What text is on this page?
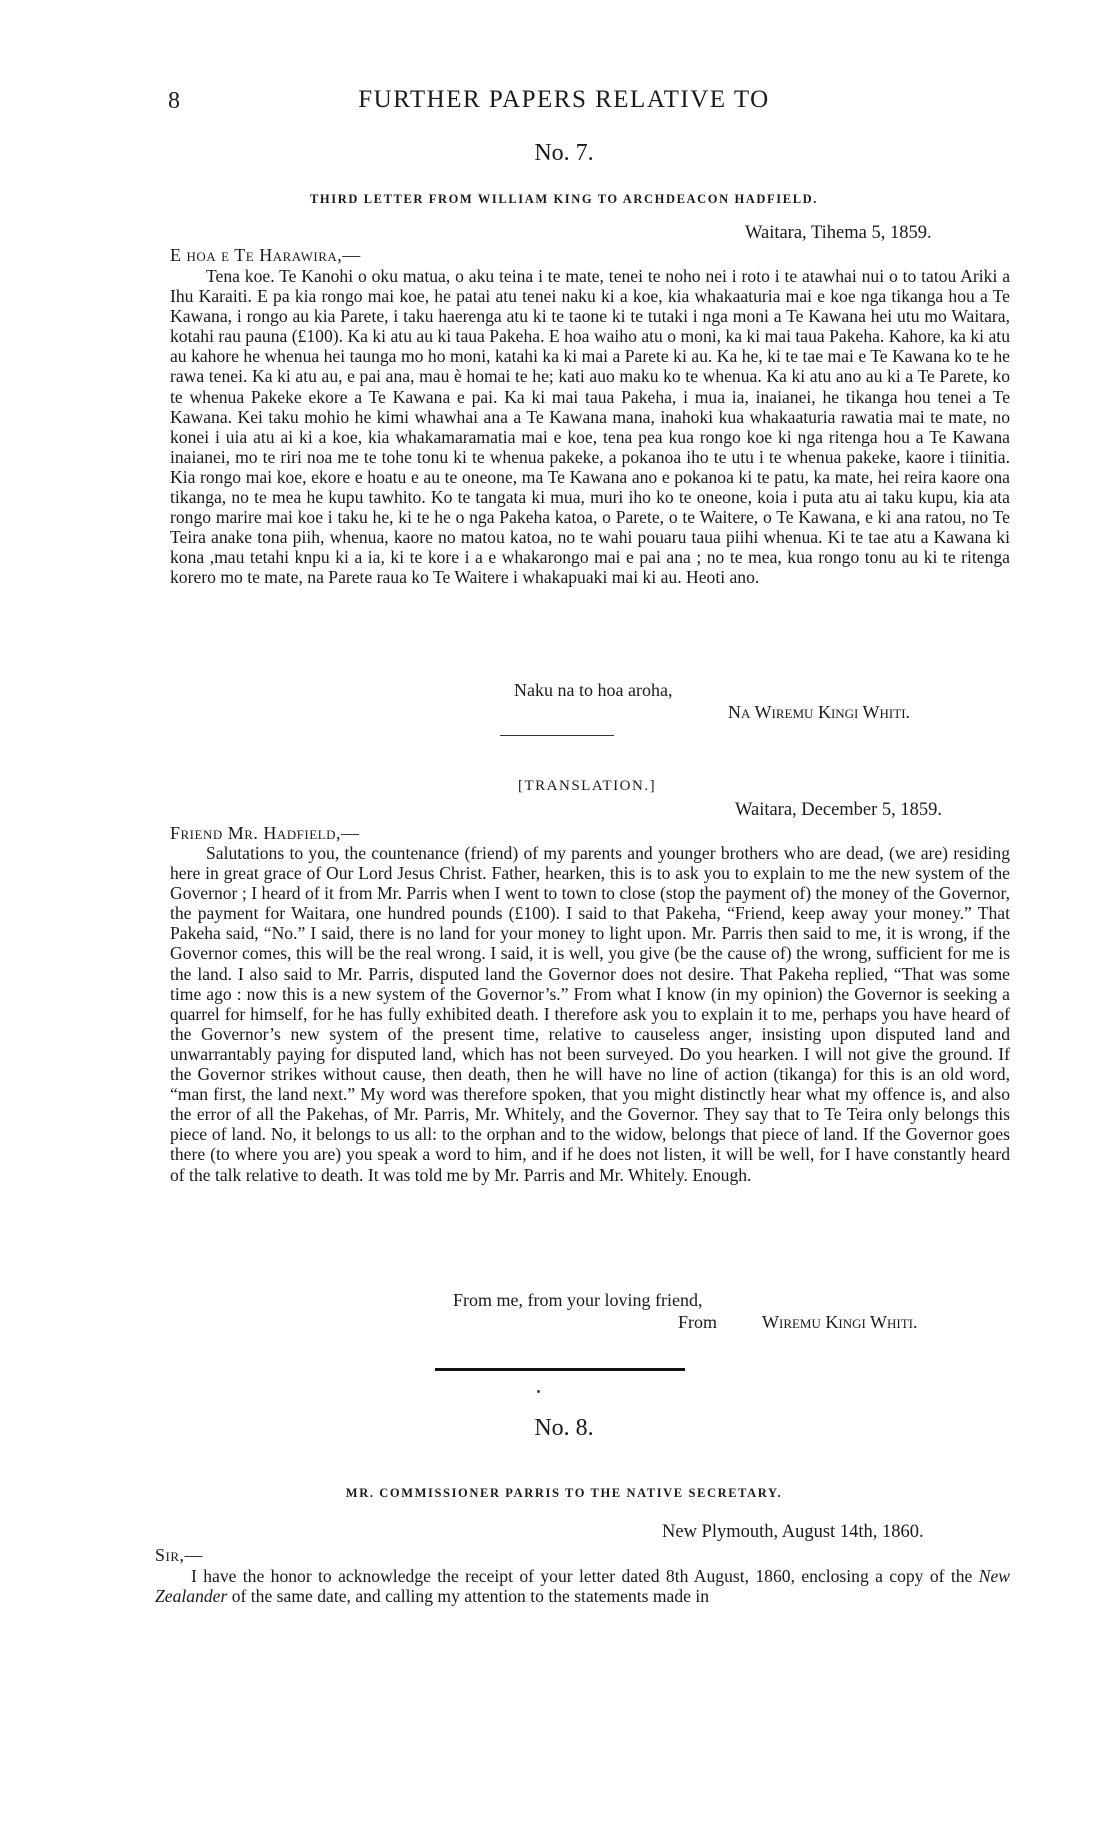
8	FURTHER PAPERS RELATIVE TO
No. 7.
THIRD LETTER FROM WILLIAM KING TO ARCHDEACON HADFIELD.
Waitara, Tihema 5, 1859.
E hoa e Te Harawira,—

Tena koe. Te Kanohi o oku matua, o aku teina i te mate, tenei te noho nei i roto i te atawhai nui o to tatou Ariki a Ihu Karaiti. E pa kia rongo mai koe, he patai atu tenei naku ki a koe, kia whakaaturia mai e koe nga tikanga hou a Te Kawana, i rongo au kia Parete, i taku haerenga atu ki te taone ki te tutaki i nga moni a Te Kawana hei utu mo Waitara, kotahi rau pauna (£100). Ka ki atu au ki taua Pakeha. E hoa waiho atu o moni, ka ki mai taua Pakeha. Kahore, ka ki atu au kahore he whenua hei taunga mo ho moni, katahi ka ki mai a Parete ki au. Ka he, ki te tae mai e Te Kawana ko te he rawa tenei. Ka ki atu au, e pai ana, mau è homai te he; kati auo maku ko te whenua. Ka ki atu ano au ki a Te Parete, ko te whenua Pakeke ekore a Te Kawana e pai. Ka ki mai taua Pakeha, i mua ia, inaianei, he tikanga hou tenei a Te Kawana. Kei taku mohio he kimi whawhai ana a Te Kawana mana, inahoki kua whakaaturia rawatia mai te mate, no konei i uia atu ai ki a koe, kia whakamaramatia mai e koe, tena pea kua rongo koe ki nga ritenga hou a Te Kawana inaianei, mo te riri noa me te tohe tonu ki te whenua pakeke, a pokanoa iho te utu i te whenua pakeke, kaore i tiinitia. Kia rongo mai koe, ekore e hoatu e au te oneone, ma Te Kawana ano e pokanoa ki te patu, ka mate, hei reira kaore ona tikanga, no te mea he kupu tawhito. Ko te tangata ki mua, muri iho ko te oneone, koia i puta atu ai taku kupu, kia ata rongo marire mai koe i taku he, ki te he o nga Pakeha katoa, o Parete, o te Waitere, o Te Kawana, e ki ana ratou, no Te Teira anake tona piih, whenua, kaore no matou katoa, no te wahi pouaru taua piihi whenua. Ki te tae atu a Kawana ki kona ,mau tetahi knpu ki a ia, ki te kore i a e whakarongo mai e pai ana ; no te mea, kua rongo tonu au ki te ritenga korero mo te mate, na Parete raua ko Te Waitere i whakapuaki mai ki au. Heoti ano.

Naku na to hoa aroha,
Na Wiremu Kingi Whiti.
[TRANSLATION.]
Waitara, December 5, 1859.
Friend Mr. Hadfield,—

Salutations to you, the countenance (friend) of my parents and younger brothers who are dead, (we are) residing here in great grace of Our Lord Jesus Christ. Father, hearken, this is to ask you to explain to me the new system of the Governor ; I heard of it from Mr. Parris when I went to town to close (stop the payment of) the money of the Governor, the payment for Waitara, one hundred pounds (£100). I said to that Pakeha, “Friend, keep away your money.” That Pakeha said, “No.” I said, there is no land for your money to light upon. Mr. Parris then said to me, it is wrong, if the Governor comes, this will be the real wrong. I said, it is well, you give (be the cause of) the wrong, sufficient for me is the land. I also said to Mr. Parris, disputed land the Governor does not desire. That Pakeha replied, “That was some time ago : now this is a new system of the Governor’s.” From what I know (in my opinion) the Governor is seeking a quarrel for himself, for he has fully exhibited death. I therefore ask you to explain it to me, perhaps you have heard of the Governor’s new system of the present time, relative to causeless anger, insisting upon disputed land and unwarrantably paying for disputed land, which has not been surveyed. Do you hearken. I will not give the ground. If the Governor strikes without cause, then death, then he will have no line of action (tikanga) for this is an old word, “man first, the land next.” My word was therefore spoken, that you might distinctly hear what my offence is, and also the error of all the Pakehas, of Mr. Parris, Mr. Whitely, and the Governor. They say that to Te Teira only belongs this piece of land. No, it belongs to us all: to the orphan and to the widow, belongs that piece of land. If the Governor goes there (to where you are) you speak a word to him, and if he does not listen, it will be well, for I have constantly heard of the talk relative to death. It was told me by Mr. Parris and Mr. Whitely. Enough.

From me, from your loving friend,
From Wiremu Kingi Whiti.
No. 8.
MR. COMMISSIONER PARRIS TO THE NATIVE SECRETARY.
New Plymouth, August 14th, 1860.
Sir,—

I have the honor to acknowledge the receipt of your letter dated 8th August, 1860, enclosing a copy of the New Zealander of the same date, and calling my attention to the statements made in
